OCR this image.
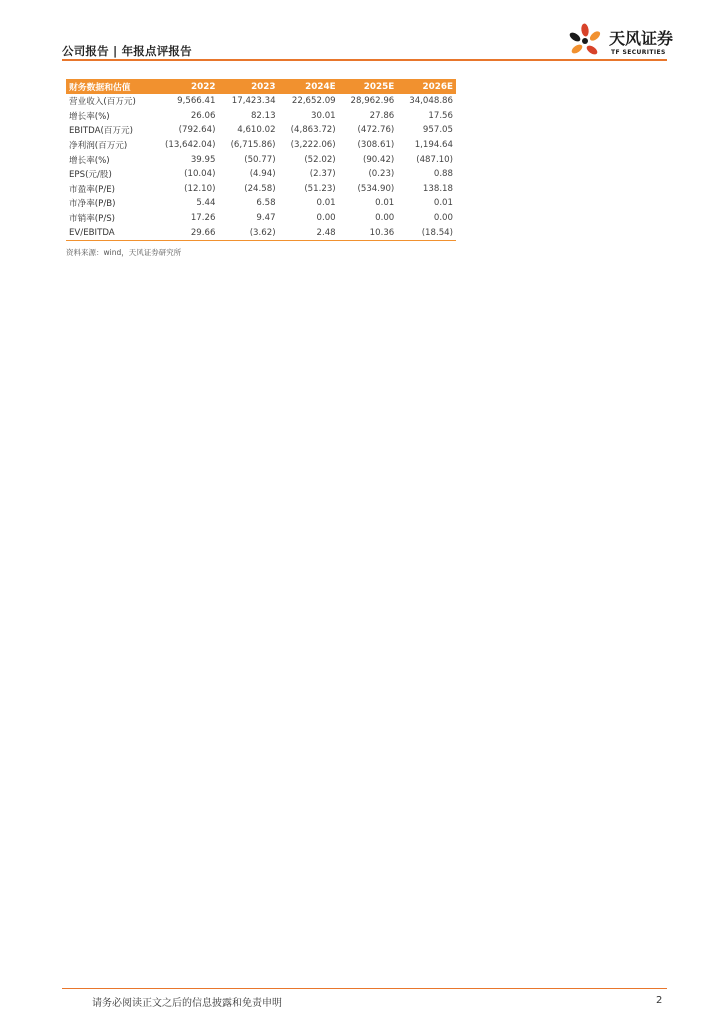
公司报告 | 年报点评报告
天风证券
TF SECURITIES
财务数据和估值	2022	2023	2024E	2025E	2026E
营业收入(百万元)	9,566.41	17,423.34	22,652.09	28,962.96	34,048.86
增长率(%)	26.06	82.13	30.01	27.86	17.56
EBITDA(百万元)	(792.64)	4,610.02	(4,863.72)	(472.76)	957.05
净利润(百万元)	(13,642.04)	(6,715.86)	(3,222.06)	(308.61)	1,194.64
增长率(%)	39.95	(50.77)	(52.02)	(90.42)	(487.10)
EPS(元/股)	(10.04)	(4.94)	(2.37)	(0.23)	0.88
市盈率(P/E)	(12.10)	(24.58)	(51.23)	(534.90)	138.18
市净率(P/B)	5.44	6.58	0.01	0.01	0.01
市销率(P/S)	17.26	9.47	0.00	0.00	0.00
EV/EBITDA	29.66	(3.62)	2.48	10.36	(18.54)
资料来源：wind，天风证券研究所
请务必阅读正文之后的信息披露和免责申明	2
